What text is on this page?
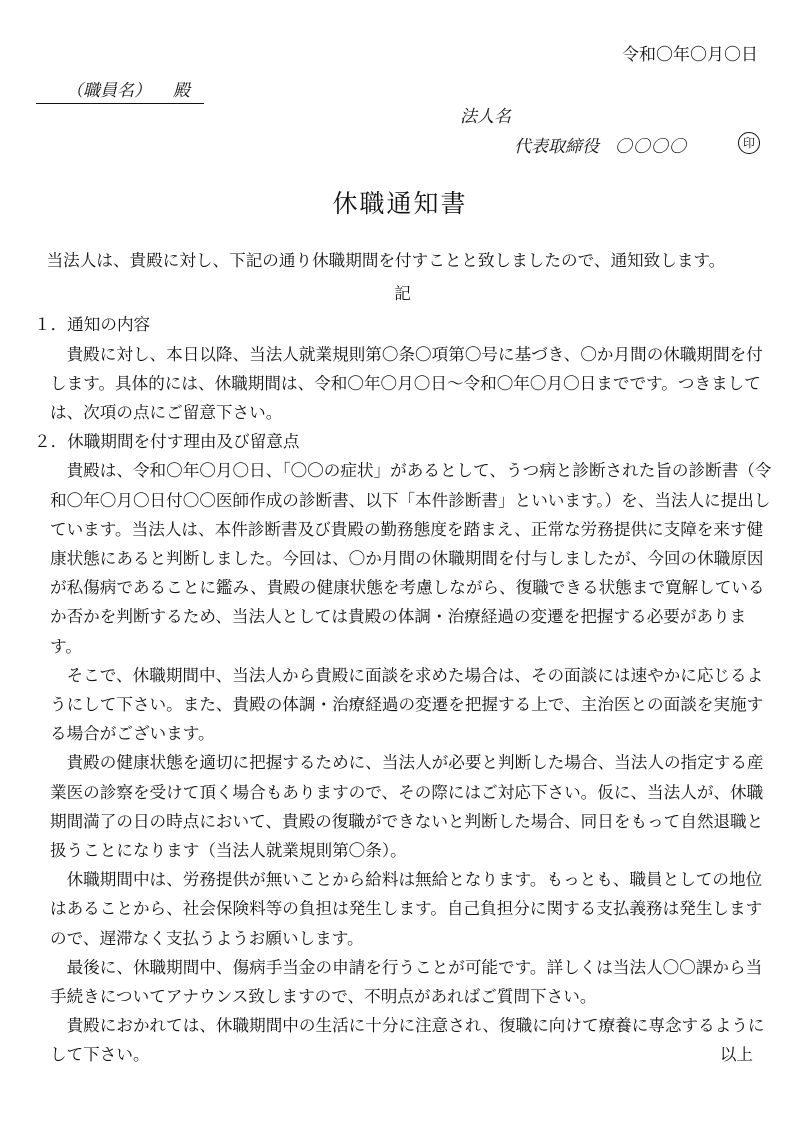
令和〇年〇月〇日
（職員名） 殿
法人名
代表取締役 〇〇〇〇	印
休職通知書

当法人は、貴殿に対し、下記の通り休職期間を付すことと致しましたので、通知致します。

記

１．通知の内容

貴殿に対し、本日以降、当法人就業規則第〇条〇項第〇号に基づき、〇か月間の休職期間を付します。具体的には、休職期間は、令和〇年〇月〇日～令和〇年〇月〇日までです。つきましては、次項の点にご留意下さい。

２．休職期間を付す理由及び留意点

貴殿は、令和〇年〇月〇日、「〇〇の症状」があるとして、うつ病と診断された旨の診断書（令和〇年〇月〇日付〇〇医師作成の診断書、以下「本件診断書」といいます。）を、当法人に提出しています。当法人は、本件診断書及び貴殿の勤務態度を踏まえ、正常な労務提供に支障を来す健康状態にあると判断しました。今回は、〇か月間の休職期間を付与しましたが、今回の休職原因が私傷病であることに鑑み、貴殿の健康状態を考慮しながら、復職できる状態まで寛解しているか否かを判断するため、当法人としては貴殿の体調・治療経過の変遷を把握する必要があります。

そこで、休職期間中、当法人から貴殿に面談を求めた場合は、その面談には速やかに応じるようにして下さい。また、貴殿の体調・治療経過の変遷を把握する上で、主治医との面談を実施する場合がございます。

貴殿の健康状態を適切に把握するために、当法人が必要と判断した場合、当法人の指定する産業医の診察を受けて頂く場合もありますので、その際にはご対応下さい。仮に、当法人が、休職期間満了の日の時点において、貴殿の復職ができないと判断した場合、同日をもって自然退職と扱うことになります（当法人就業規則第〇条）。

休職期間中は、労務提供が無いことから給料は無給となります。もっとも、職員としての地位はあることから、社会保険料等の負担は発生します。自己負担分に関する支払義務は発生しますので、遅滞なく支払うようお願いします。

最後に、休職期間中、傷病手当金の申請を行うことが可能です。詳しくは当法人〇〇課から当手続きについてアナウンス致しますので、不明点があればご質問下さい。

貴殿におかれては、休職期間中の生活に十分に注意され、復職に向けて療養に専念するようにして下さい。	以上
